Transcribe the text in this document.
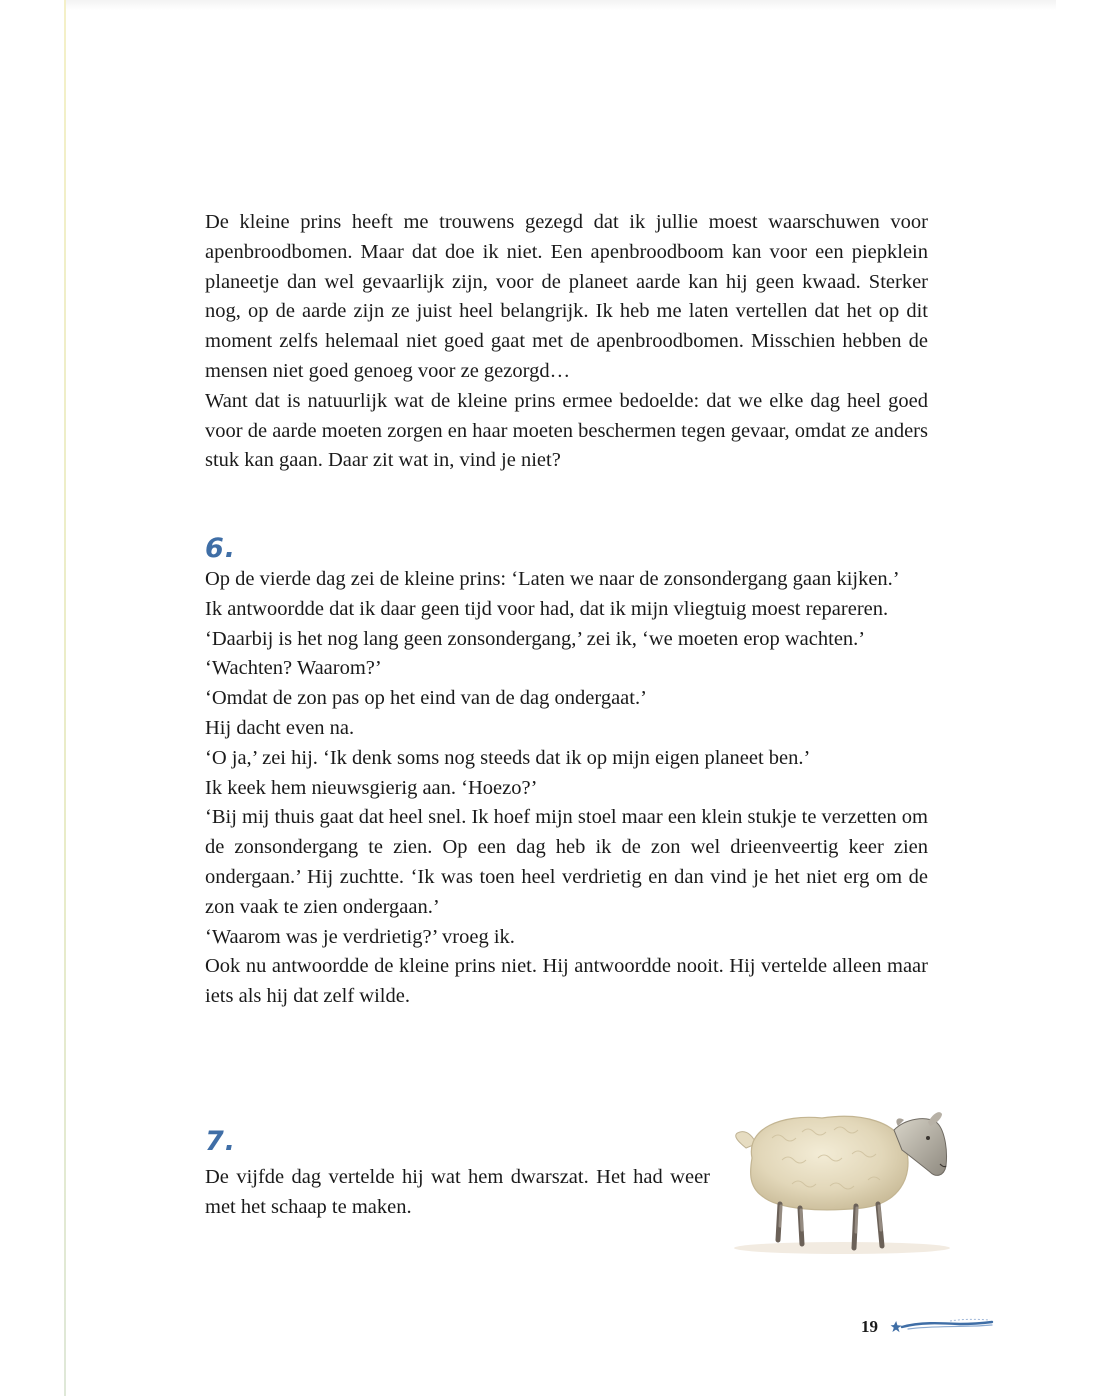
De kleine prins heeft me trouwens gezegd dat ik jullie moest waarschuwen voor apenbroodbomen. Maar dat doe ik niet. Een apenbroodboom kan voor een piepklein planeetje dan wel gevaarlijk zijn, voor de planeet aarde kan hij geen kwaad. Sterker nog, op de aarde zijn ze juist heel belangrijk. Ik heb me laten vertellen dat het op dit moment zelfs helemaal niet goed gaat met de apenbroodbomen. Misschien hebben de mensen niet goed genoeg voor ze gezorgd…

Want dat is natuurlijk wat de kleine prins ermee bedoelde: dat we elke dag heel goed voor de aarde moeten zorgen en haar moeten beschermen tegen gevaar, omdat ze anders stuk kan gaan. Daar zit wat in, vind je niet?

6.

Op de vierde dag zei de kleine prins: ‘Laten we naar de zonsondergang gaan kijken.’

Ik antwoordde dat ik daar geen tijd voor had, dat ik mijn vliegtuig moest repareren.

‘Daarbij is het nog lang geen zonsondergang,’ zei ik, ‘we moeten erop wachten.’

‘Wachten? Waarom?’

‘Omdat de zon pas op het eind van de dag ondergaat.’

Hij dacht even na.

‘O ja,’ zei hij. ‘Ik denk soms nog steeds dat ik op mijn eigen planeet ben.’

Ik keek hem nieuwsgierig aan. ‘Hoezo?’

‘Bij mij thuis gaat dat heel snel. Ik hoef mijn stoel maar een klein stukje te verzetten om de zonsondergang te zien. Op een dag heb ik de zon wel drieenveertig keer zien ondergaan.’ Hij zuchtte. ‘Ik was toen heel verdrietig en dan vind je het niet erg om de zon vaak te zien ondergaan.’

‘Waarom was je verdrietig?’ vroeg ik.

Ook nu antwoordde de kleine prins niet. Hij antwoordde nooit. Hij vertelde alleen maar iets als hij dat zelf wilde.

7.

De vijfde dag vertelde hij wat hem dwarszat. Het had weer met het schaap te maken.

19
